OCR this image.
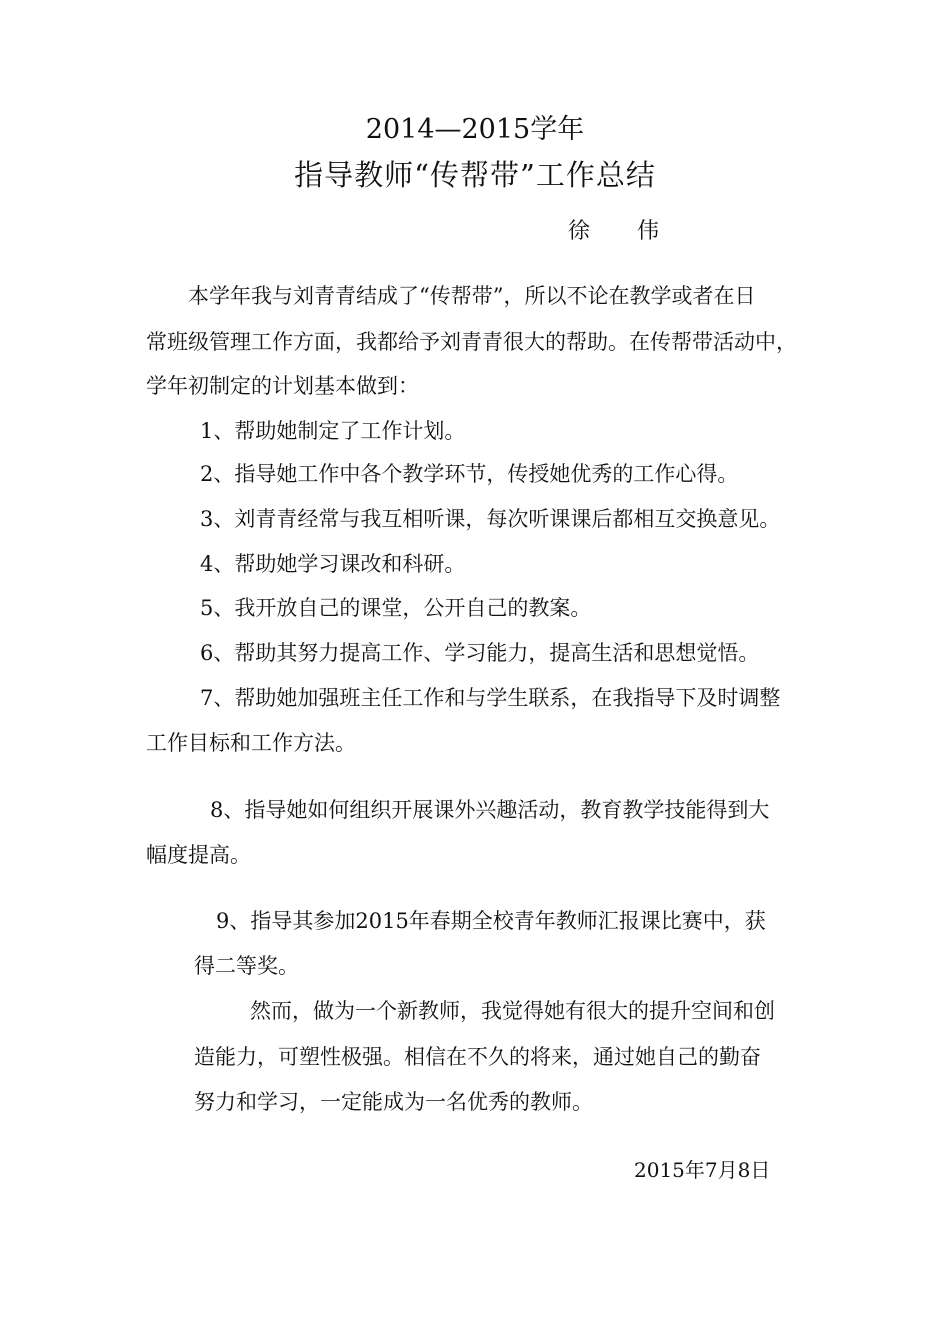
2014—2015学年
指导教师“传帮带”工作总结
徐　　伟
本学年我与刘青青结成了“传帮带”，所以不论在教学或者在日
常班级管理工作方面，我都给予刘青青很大的帮助。在传帮带活动中，
学年初制定的计划基本做到：
1、帮助她制定了工作计划。
2、指导她工作中各个教学环节，传授她优秀的工作心得。
3、刘青青经常与我互相听课，每次听课课后都相互交换意见。
4、帮助她学习课改和科研。
5、我开放自己的课堂，公开自己的教案。
6、帮助其努力提高工作、学习能力，提高生活和思想觉悟。
7、帮助她加强班主任工作和与学生联系，在我指导下及时调整
工作目标和工作方法。
8、指导她如何组织开展课外兴趣活动，教育教学技能得到大
幅度提高。
9、指导其参加2015年春期全校青年教师汇报课比赛中，获
得二等奖。
然而，做为一个新教师，我觉得她有很大的提升空间和创
造能力，可塑性极强。相信在不久的将来，通过她自己的勤奋
努力和学习，一定能成为一名优秀的教师。
2015年7月8日
